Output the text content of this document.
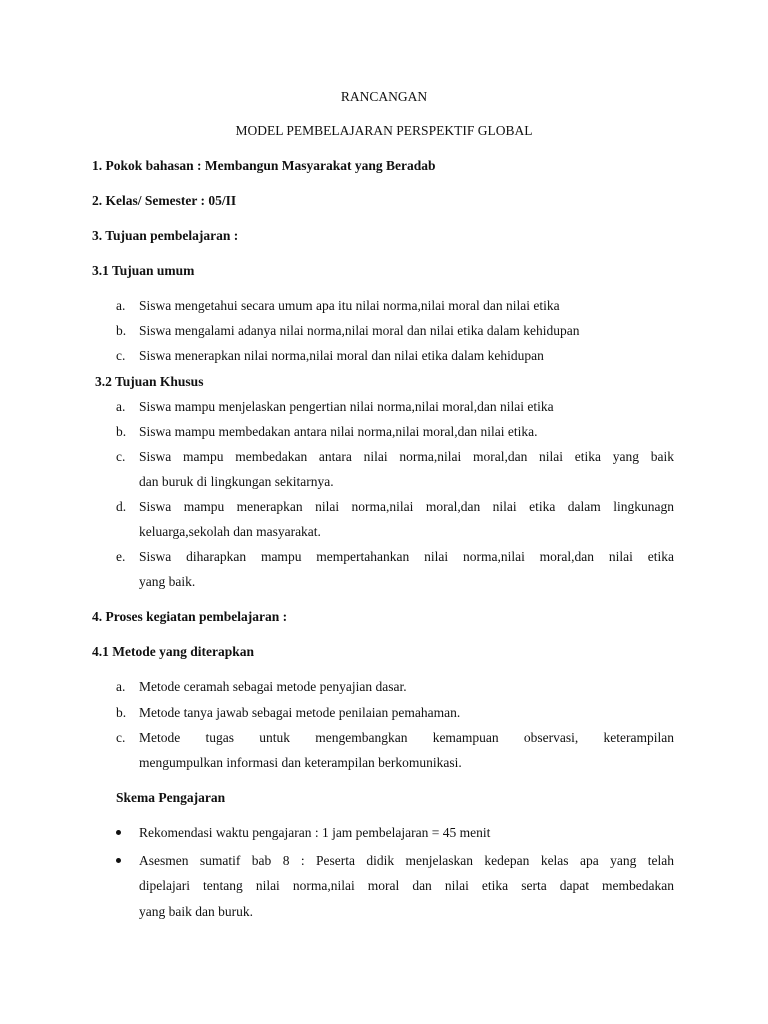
RANCANGAN
MODEL PEMBELAJARAN PERSPEKTIF GLOBAL
1. Pokok bahasan : Membangun Masyarakat yang Beradab
2. Kelas/ Semester : 05/II
3. Tujuan pembelajaran :
3.1 Tujuan umum
a. Siswa mengetahui secara umum apa itu nilai norma,nilai moral dan nilai etika
b. Siswa mengalami adanya nilai norma,nilai moral dan nilai etika dalam kehidupan
c. Siswa menerapkan nilai norma,nilai moral dan nilai etika dalam kehidupan
3.2 Tujuan Khusus
a. Siswa mampu menjelaskan pengertian nilai norma,nilai moral,dan nilai etika
b. Siswa mampu membedakan antara nilai norma,nilai moral,dan nilai etika.
c. Siswa mampu membedakan antara nilai norma,nilai moral,dan nilai etika yang baik
dan buruk di lingkungan sekitarnya.
d. Siswa mampu menerapkan nilai norma,nilai moral,dan nilai etika dalam lingkunagn
keluarga,sekolah dan masyarakat.
e. Siswa diharapkan mampu mempertahankan nilai norma,nilai moral,dan nilai etika
yang baik.
4. Proses kegiatan pembelajaran :
4.1 Metode yang diterapkan
a. Metode ceramah sebagai metode penyajian dasar.
b. Metode tanya jawab sebagai metode penilaian pemahaman.
c. Metode tugas untuk mengembangkan kemampuan observasi, keterampilan
mengumpulkan informasi dan keterampilan berkomunikasi.
Skema Pengajaran
Rekomendasi waktu pengajaran : 1 jam pembelajaran = 45 menit
Asesmen sumatif bab 8 : Peserta didik menjelaskan kedepan kelas apa yang telah
dipelajari tentang nilai norma,nilai moral dan nilai etika serta dapat membedakan
yang baik dan buruk.
